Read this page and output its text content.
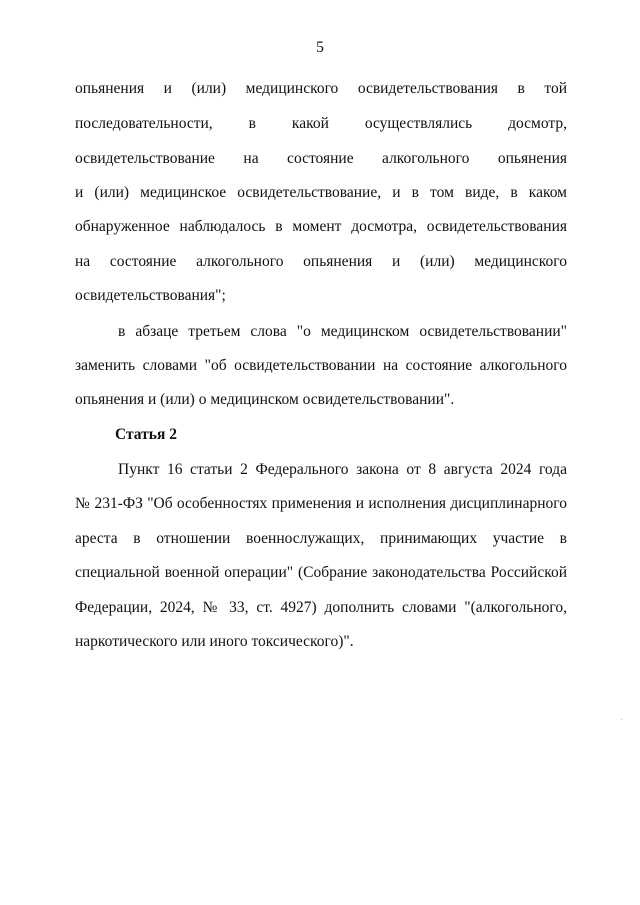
5
опьянения и (или) медицинского освидетельствования в той
последовательности, в какой осуществлялись досмотр,
освидетельствование на состояние алкогольного опьянения
и (или) медицинское освидетельствование, и в том виде, в каком
обнаруженное наблюдалось в момент досмотра, освидетельствования
на состояние алкогольного опьянения и (или) медицинского
освидетельствования";
в абзаце третьем слова "о медицинском освидетельствовании"
заменить словами "об освидетельствовании на состояние алкогольного
опьянения и (или) о медицинском освидетельствовании".
Статья 2
Пункт 16 статьи 2 Федерального закона от 8 августа 2024 года
№ 231-ФЗ "Об особенностях применения и исполнения дисциплинарного
ареста в отношении военнослужащих, принимающих участие в
специальной военной операции" (Собрание законодательства Российской
Федерации, 2024, № 33, ст. 4927) дополнить словами "(алкогольного,
наркотического или иного токсического)".
